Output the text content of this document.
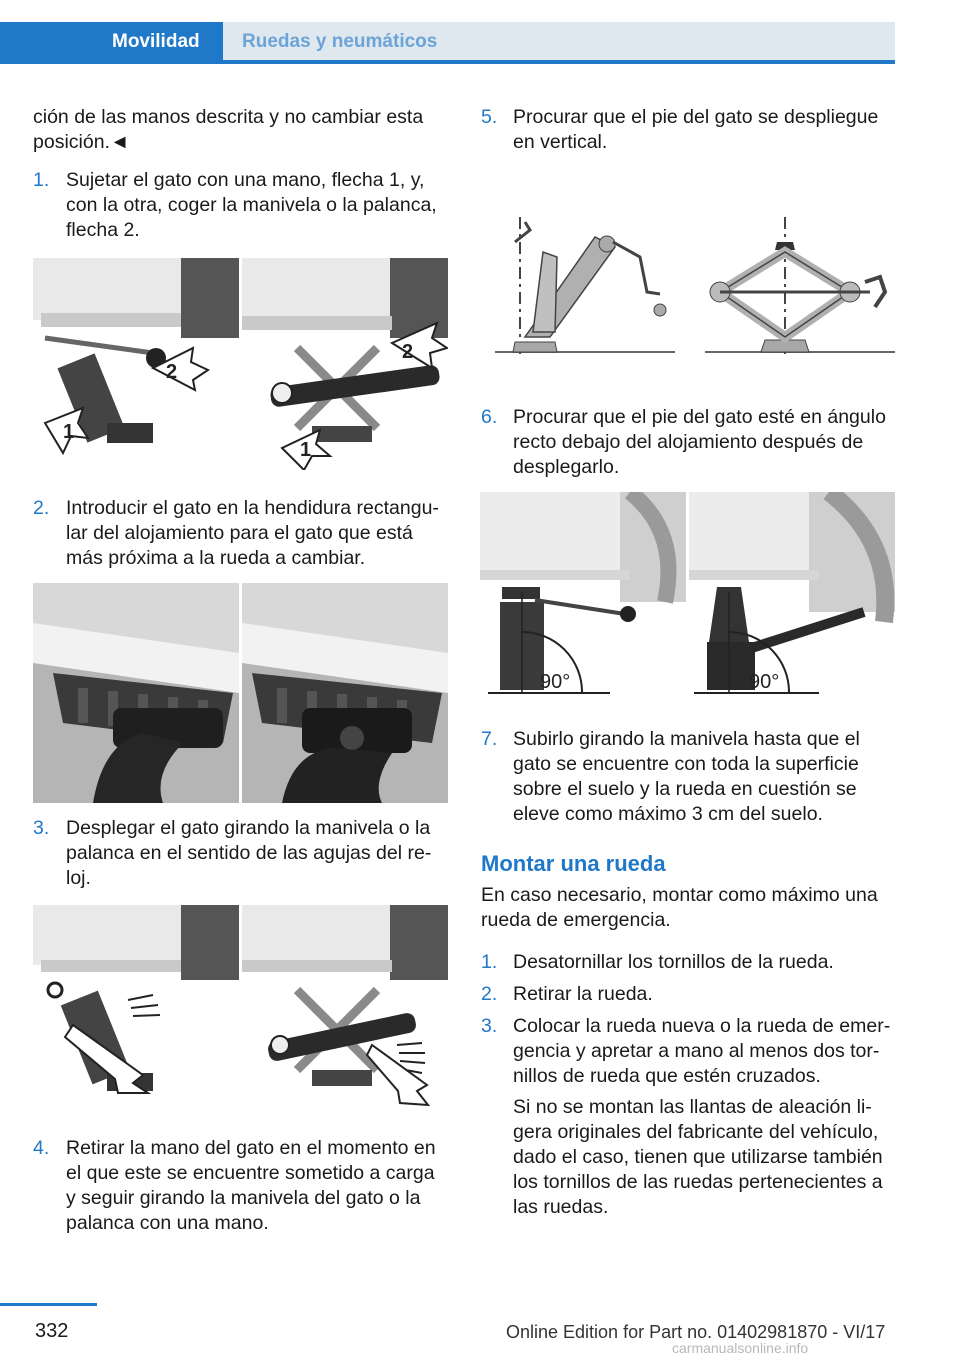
Movilidad Ruedas y neumáticos
ción de las manos descrita y no cambiar esta
posición.◄
1. Sujetar el gato con una mano, flecha 1, y,
con la otra, coger la manivela o la palanca,
flecha 2.
2
1
2
1
2. Introducir el gato en la hendidura rectangu‐
lar del alojamiento para el gato que está
más próxima a la rueda a cambiar.
3. Desplegar el gato girando la manivela o la
palanca en el sentido de las agujas del re‐
loj.
4. Retirar la mano del gato en el momento en
el que este se encuentre sometido a carga
y seguir girando la manivela del gato o la
palanca con una mano.
5. Procurar que el pie del gato se despliegue
en vertical.
6. Procurar que el pie del gato esté en ángulo
recto debajo del alojamiento después de
desplegarlo.
90°	90°
7. Subirlo girando la manivela hasta que el
gato se encuentre con toda la superficie
sobre el suelo y la rueda en cuestión se
eleve como máximo 3 cm del suelo.
Montar una rueda
En caso necesario, montar como máximo una
rueda de emergencia.
1. Desatornillar los tornillos de la rueda.
2. Retirar la rueda.
3. Colocar la rueda nueva o la rueda de emer‐
gencia y apretar a mano al menos dos tor‐
nillos de rueda que estén cruzados.
Si no se montan las llantas de aleación li‐
gera originales del fabricante del vehículo,
dado el caso, tienen que utilizarse también
los tornillos de las ruedas pertenecientes a
las ruedas.
332	Online Edition for Part no. 01402981870 - VI/17
carmanualsonline.info
